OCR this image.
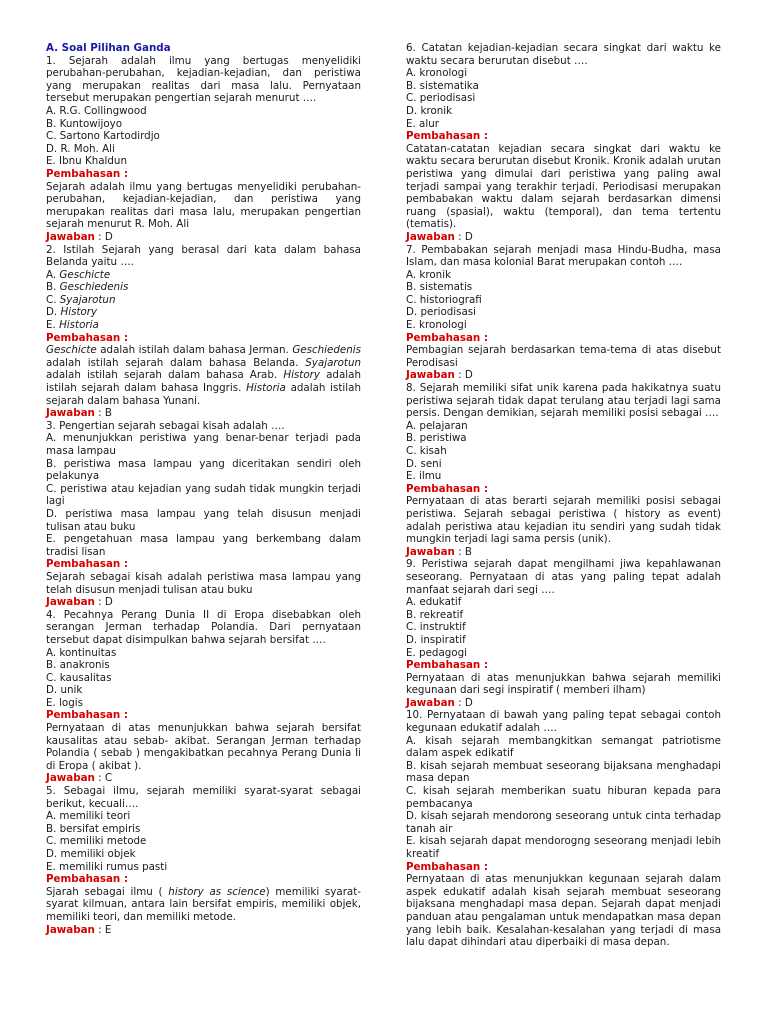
A. Soal Pilihan Ganda

1. Sejarah adalah ilmu yang bertugas menyelidiki perubahan-perubahan, kejadian-kejadian, dan peristiwa yang merupakan realitas dari masa lalu. Pernyataan tersebut merupakan pengertian sejarah menurut ….

A. R.G. Collingwood

B. Kuntowijoyo

C. Sartono Kartodirdjo

D. R. Moh. Ali

E. Ibnu Khaldun

Pembahasan :

Sejarah adalah ilmu yang bertugas menyelidiki perubahan-perubahan, kejadian-kejadian, dan peristiwa yang merupakan realitas dari masa lalu, merupakan pengertian sejarah menurut R. Moh. Ali

Jawaban : D

2. Istilah Sejarah yang berasal dari kata dalam bahasa Belanda yaitu ….

A. Geschicte

B. Geschiedenis

C. Syajarotun

D. History

E. Historia

Pembahasan :

Geschicte adalah istilah dalam bahasa Jerman. Geschiedenis adalah istilah sejarah dalam bahasa Belanda. Syajarotun adalah istilah sejarah dalam bahasa Arab. History adalah istilah sejarah dalam bahasa Inggris. Historia adalah istilah sejarah dalam bahasa Yunani.

Jawaban : B

3. Pengertian sejarah sebagai kisah adalah ….

A. menunjukkan peristiwa yang benar-benar terjadi pada masa lampau

B. peristiwa masa lampau yang diceritakan sendiri oleh pelakunya

C. peristiwa atau kejadian yang sudah tidak mungkin terjadi lagi

D. peristiwa masa lampau yang telah disusun menjadi tulisan atau buku

E. pengetahuan masa lampau yang berkembang dalam tradisi lisan

Pembahasan :

Sejarah sebagai kisah adalah peristiwa masa lampau yang telah disusun menjadi tulisan atau buku

Jawaban : D

4. Pecahnya Perang Dunia II di Eropa disebabkan oleh serangan Jerman terhadap Polandia. Dari pernyataan tersebut dapat disimpulkan bahwa sejarah bersifat ….

A. kontinuitas

B. anakronis

C. kausalitas

D. unik

E. logis

Pembahasan :

Pernyataan di atas menunjukkan bahwa sejarah bersifat kausalitas atau sebab- akibat. Serangan Jerman terhadap Polandia ( sebab ) mengakibatkan pecahnya Perang Dunia Ii di Eropa ( akibat ).

Jawaban : C

5. Sebagai ilmu, sejarah memiliki syarat-syarat sebagai berikut, kecuali….

A. memiliki teori

B. bersifat empiris

C. memiliki metode

D. memiliki objek

E. memiliki rumus pasti

Pembahasan :

Sjarah sebagai ilmu ( history as science) memiliki syarat-syarat kilmuan, antara lain bersifat empiris, memiliki objek, memiliki teori, dan memiliki metode.

Jawaban : E

6. Catatan kejadian-kejadian secara singkat dari waktu ke waktu secara berurutan disebut ….

A. kronologi

B. sistematika

C. periodisasi

D. kronik

E. alur

Pembahasan :

Catatan-catatan kejadian secara singkat dari waktu ke waktu secara berurutan disebut Kronik. Kronik adalah urutan peristiwa yang dimulai dari peristiwa yang paling awal terjadi sampai yang terakhir terjadi. Periodisasi merupakan pembabakan waktu dalam sejarah berdasarkan dimensi ruang (spasial), waktu (temporal), dan tema tertentu (tematis).

Jawaban : D

7. Pembabakan sejarah menjadi masa Hindu-Budha, masa Islam, dan masa kolonial Barat merupakan contoh ….

A. kronik

B. sistematis

C. historiografi

D. periodisasi

E. kronologi

Pembahasan :

Pembagian sejarah berdasarkan tema-tema di atas disebut Perodisasi

Jawaban : D

8. Sejarah memiliki sifat unik karena pada hakikatnya suatu peristiwa sejarah tidak dapat terulang atau terjadi lagi sama persis. Dengan demikian, sejarah memiliki posisi sebagai ….

A. pelajaran

B. peristiwa

C. kisah

D. seni

E. ilmu

Pembahasan :

Pernyataan di atas berarti sejarah memiliki posisi sebagai peristiwa. Sejarah sebagai peristiwa ( history as event) adalah peristiwa atau kejadian itu sendiri yang sudah tidak mungkin terjadi lagi sama persis (unik).

Jawaban : B

9. Peristiwa sejarah dapat mengilhami jiwa kepahlawanan seseorang. Pernyataan di atas yang paling tepat adalah manfaat sejarah dari segi ….

A. edukatif

B. rekreatif

C. instruktif

D. inspiratif

E. pedagogi

Pembahasan :

Pernyataan di atas menunjukkan bahwa sejarah memiliki kegunaan dari segi inspiratif ( memberi ilham)

Jawaban : D

10. Pernyataan di bawah yang paling tepat sebagai contoh kegunaan edukatif adalah ….

A. kisah sejarah membangkitkan semangat patriotisme dalam aspek edikatif

B. kisah sejarah membuat seseorang bijaksana menghadapi masa depan

C. kisah sejarah memberikan suatu hiburan kepada para pembacanya

D. kisah sejarah mendorong seseorang untuk cinta terhadap tanah air

E. kisah sejarah dapat mendorogng seseorang menjadi lebih kreatif

Pembahasan :

Pernyataan di atas menunjukkan kegunaan sejarah dalam aspek edukatif adalah kisah sejarah membuat seseorang bijaksana menghadapi masa depan. Sejarah dapat menjadi panduan atau pengalaman untuk mendapatkan masa depan yang lebih baik. Kesalahan-kesalahan yang terjadi di masa lalu dapat dihindari atau diperbaiki di masa depan.
